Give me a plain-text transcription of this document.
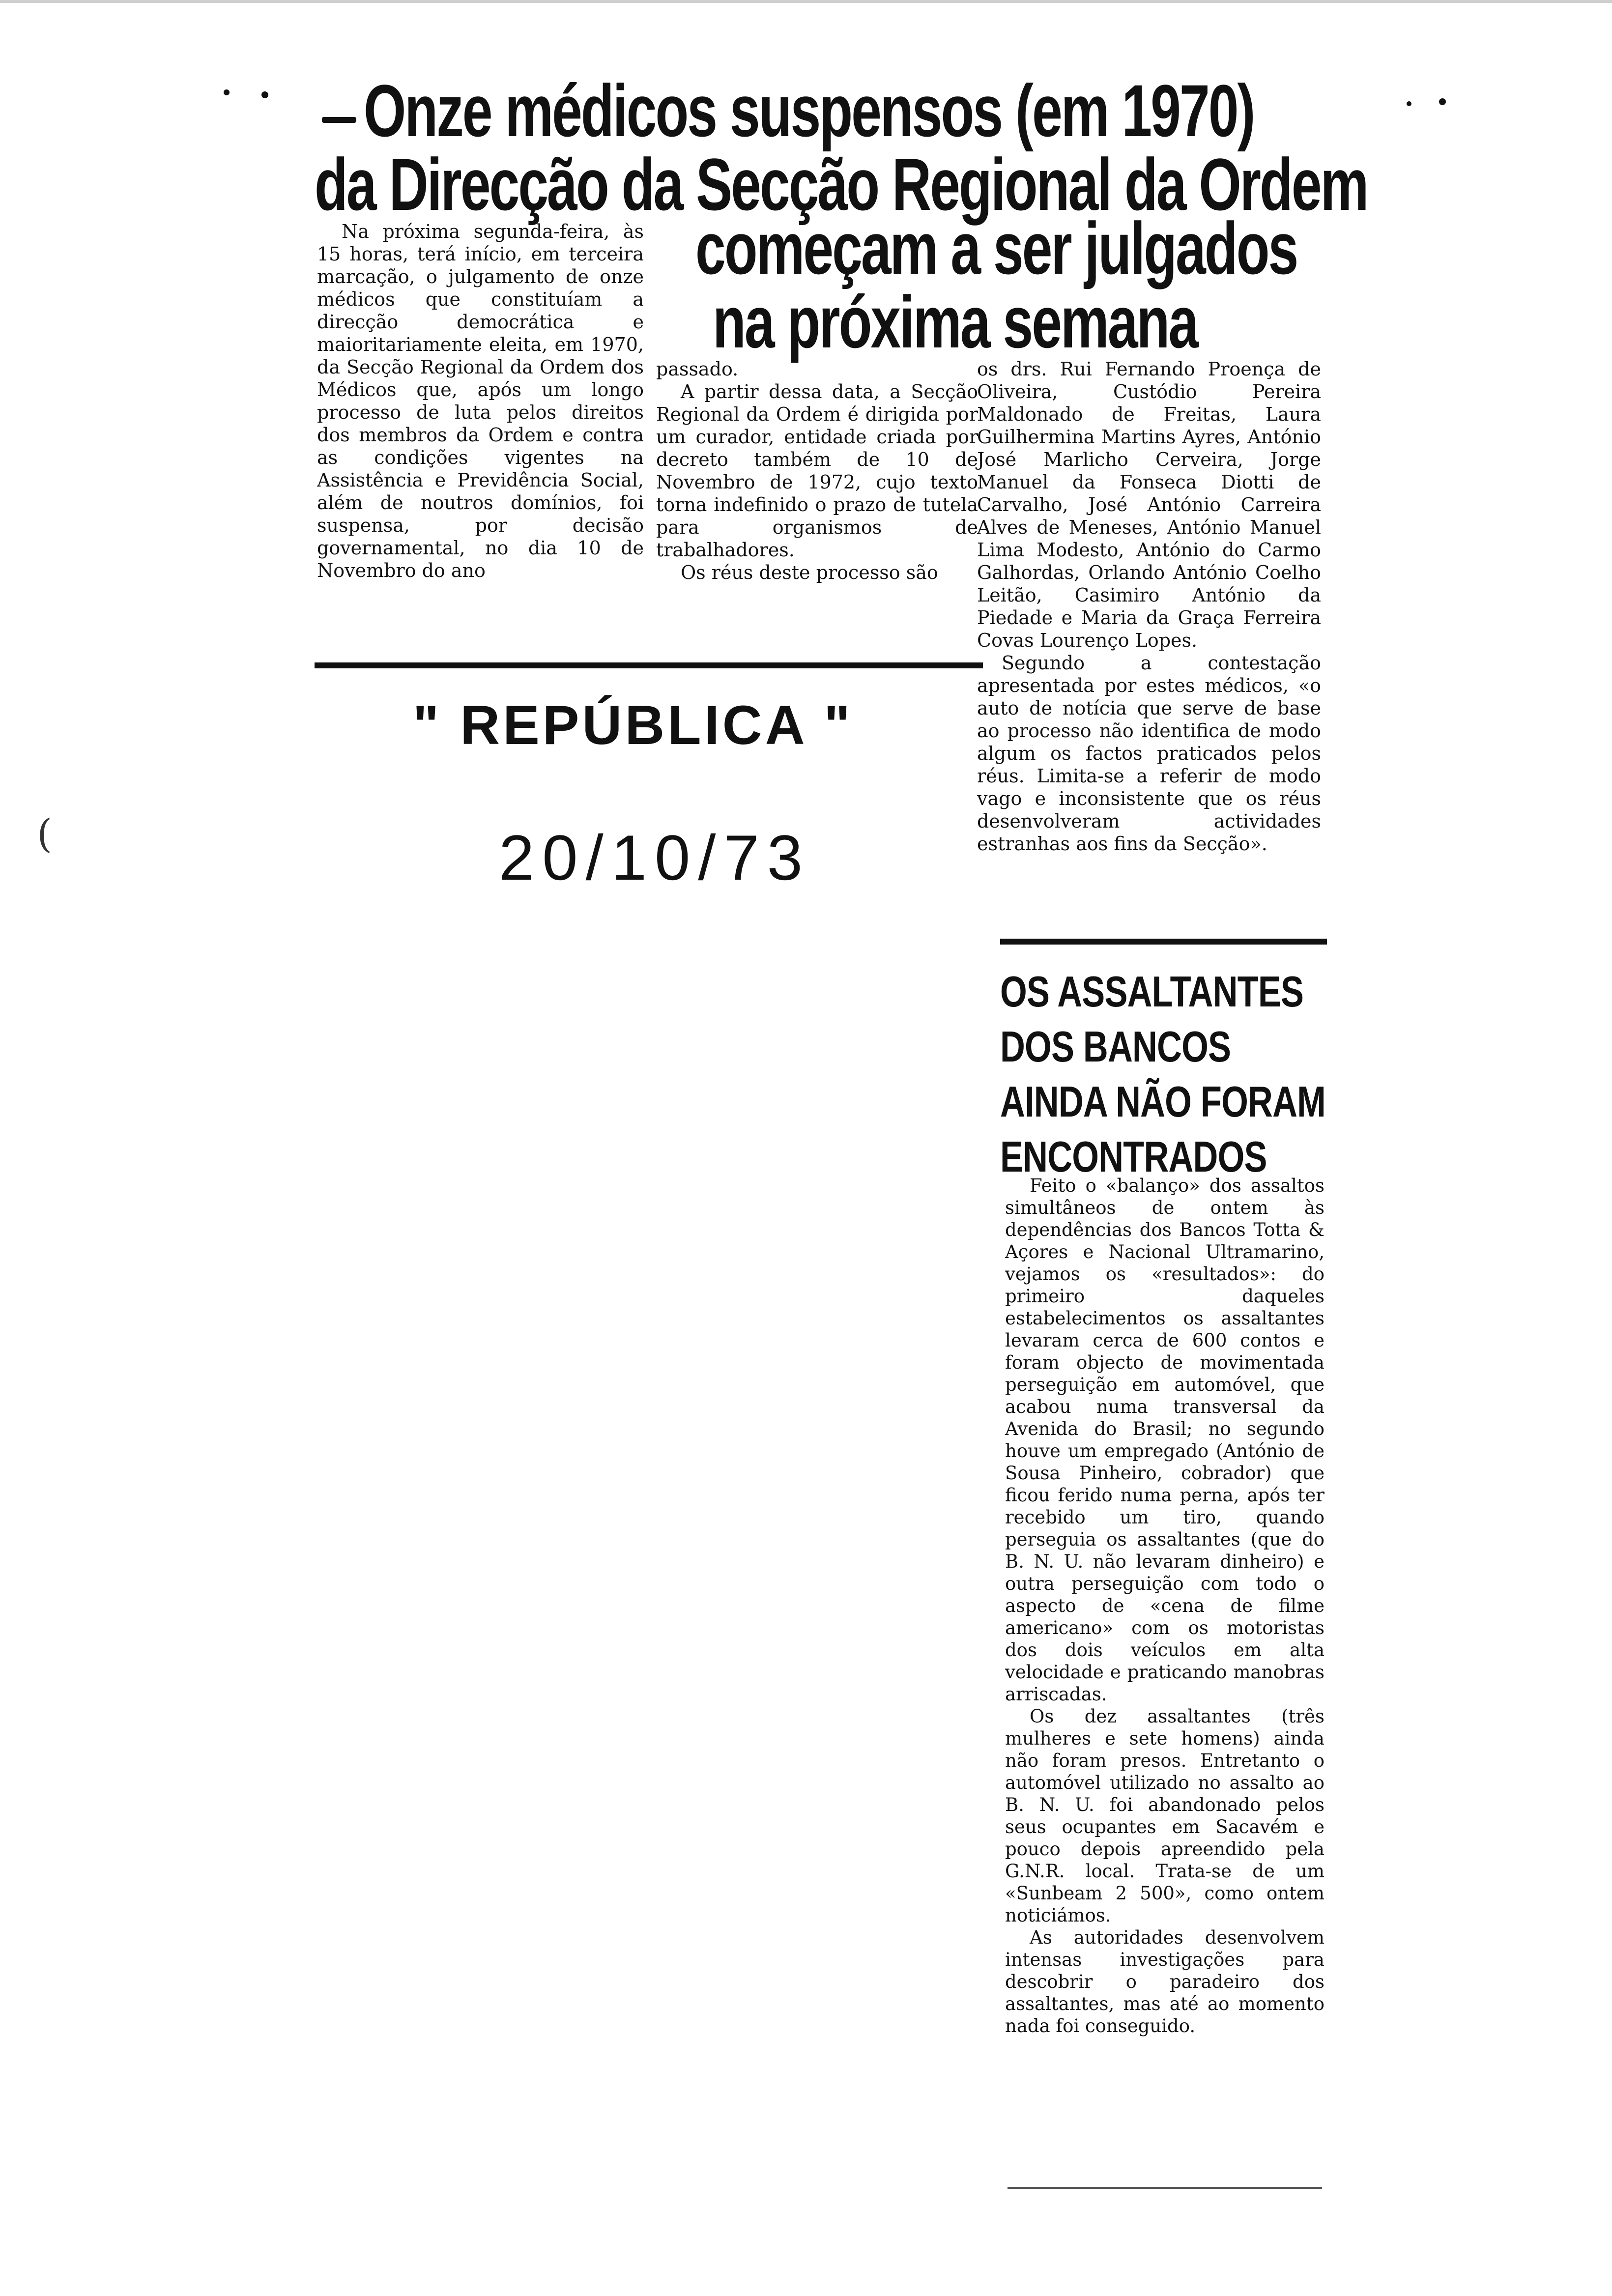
(
Onze médicos suspensos (em 1970)
da Direcção da Secção Regional da Ordem
começam a ser julgados
na próxima semana

Na próxima segunda-feira, às 15 horas, terá início, em terceira marcação, o julgamento de onze médicos que constituíam a direcção democrática e maioritariamente eleita, em 1970, da Secção Regional da Ordem dos Médicos que, após um longo processo de luta pelos direitos dos membros da Ordem e contra as condições vigentes na Assistência e Previdência Social, além de noutros domínios, foi suspensa, por decisão governamental, no dia 10 de Novembro do ano

passado.

A partir dessa data, a Secção Regional da Ordem é dirigida por um curador, entidade criada por decreto também de 10 de Novembro de 1972, cujo texto torna indefinido o prazo de tutela para organismos de trabalhadores.

Os réus deste processo são

os drs. Rui Fernando Proença de Oliveira, Custódio Pereira Maldonado de Freitas, Laura Guilhermina Martins Ayres, António José Marlicho Cerveira, Jorge Manuel da Fonseca Diotti de Carvalho, José António Carreira Alves de Meneses, António Manuel Lima Modesto, António do Carmo Galhordas, Orlando António Coelho Leitão, Casimiro António da Piedade e Maria da Graça Ferreira Covas Lourenço Lopes.

Segundo a contestação apresentada por estes médicos, «o auto de notícia que serve de base ao processo não identifica de modo algum os factos praticados pelos réus. Limita-se a referir de modo vago e inconsistente que os réus desenvolveram actividades estranhas aos fins da Secção».

" REPÚBLICA "
20/10/73
OS ASSALTANTES
DOS BANCOS
AINDA NÃO FORAM
ENCONTRADOS

Feito o «balanço» dos assaltos simultâneos de ontem às dependências dos Bancos Totta & Açores e Nacional Ultramarino, vejamos os «resultados»: do primeiro daqueles estabelecimentos os assaltantes levaram cerca de 600 contos e foram objecto de movimentada perseguição em automóvel, que acabou numa transversal da Avenida do Brasil; no segundo houve um empregado (António de Sousa Pinheiro, cobrador) que ficou ferido numa perna, após ter recebido um tiro, quando perseguia os assaltantes (que do B. N. U. não levaram dinheiro) e outra perseguição com todo o aspecto de «cena de filme americano» com os motoristas dos dois veículos em alta velocidade e praticando manobras arriscadas.

Os dez assaltantes (três mulheres e sete homens) ainda não foram presos. Entretanto o automóvel utilizado no assalto ao B. N. U. foi abandonado pelos seus ocupantes em Sacavém e pouco depois apreendido pela G.N.R. local. Trata-se de um «Sunbeam 2 500», como ontem noticiámos.

As autoridades desenvolvem intensas investigações para descobrir o paradeiro dos assaltantes, mas até ao momento nada foi conseguido.
